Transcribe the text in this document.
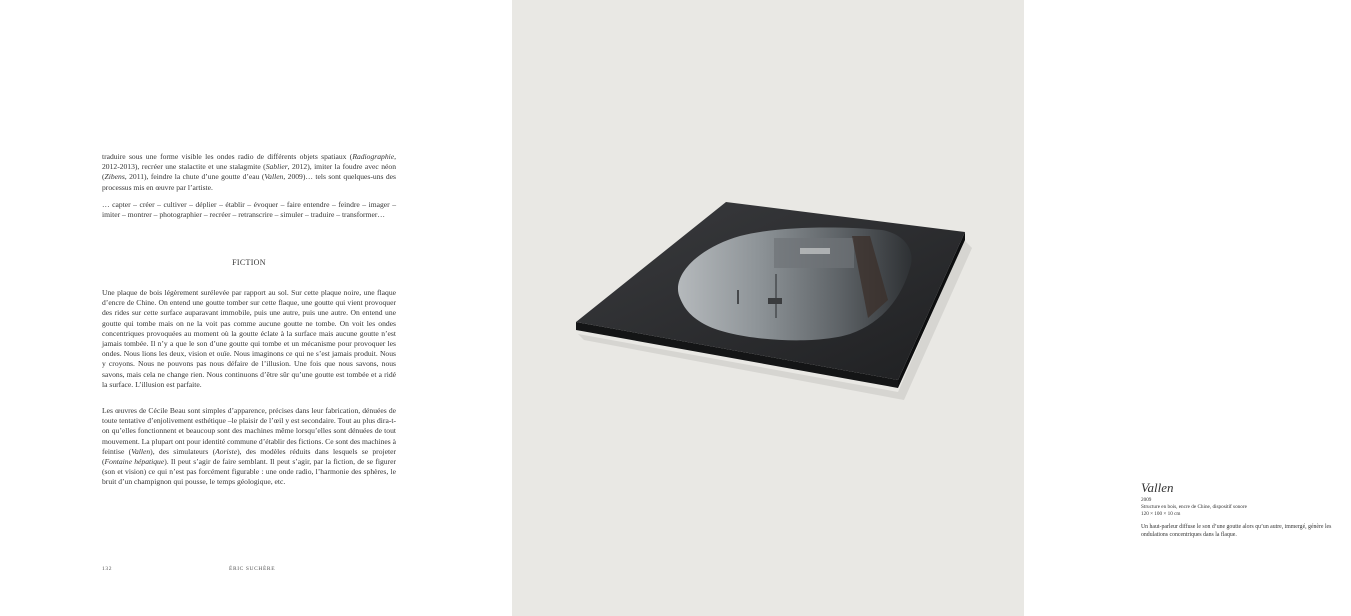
traduire sous une forme visible les ondes radio de différents objets spatiaux (Radiographie, 2012-2013), recréer une stalactite et une stalagmite (Sablier, 2012), imiter la foudre avec néon (Zibens, 2011), feindre la chute d’une goutte d’eau (Vallen, 2009)… tels sont quelques-uns des processus mis en œuvre par l’artiste.

… capter – créer – cultiver – déplier – établir – évoquer – faire entendre – feindre – imager – imiter – montrer – photographier – recréer – retranscrire – simuler – traduire – transformer…

FICTION

Une plaque de bois légèrement surélevée par rapport au sol. Sur cette plaque noire, une flaque d’encre de Chine. On entend une goutte tomber sur cette flaque, une goutte qui vient provoquer des rides sur cette surface auparavant immobile, puis une autre, puis une autre. On entend une goutte qui tombe mais on ne la voit pas comme aucune goutte ne tombe. On voit les ondes concentriques provoquées au moment où la goutte éclate à la surface mais aucune goutte n’est jamais tombée. Il n’y a que le son d’une goutte qui tombe et un mécanisme pour provoquer les ondes. Nous lions les deux, vision et ouïe. Nous imaginons ce qui ne s’est jamais produit. Nous y croyons. Nous ne pouvons pas nous défaire de l’illusion. Une fois que nous savons, nous savons, mais cela ne change rien. Nous continuons d’être sûr qu’une goutte est tombée et a ridé la surface. L’illusion est parfaite.

Les œuvres de Cécile Beau sont simples d’apparence, précises dans leur fabrication, dénuées de toute tentative d’enjolivement esthétique –le plaisir de l’œil y est secondaire. Tout au plus dira-t-on qu’elles fonctionnent et beaucoup sont des machines même lorsqu’elles sont dénuées de tout mouvement. La plupart ont pour identité commune d’établir des fictions. Ce sont des machines à feintise (Vallen), des simulateurs (Aoriste), des modèles réduits dans lesquels se projeter (Fontaine hépatique). Il peut s’agir de faire semblant. Il peut s’agir, par la fiction, de se figurer (son et vision) ce qui n’est pas forcément figurable : une onde radio, l’harmonie des sphères, le bruit d’un champignon qui pousse, le temps géologique, etc.

132	ÉRIC SUCHÈRE

Vallen

2009

Structure en bois, encre de Chine, dispositif sonore

120 × 100 × 10 cm

Un haut-parleur diffuse le son d’une goutte alors qu’un autre, immergé, génère les ondulations concentriques dans la flaque.
